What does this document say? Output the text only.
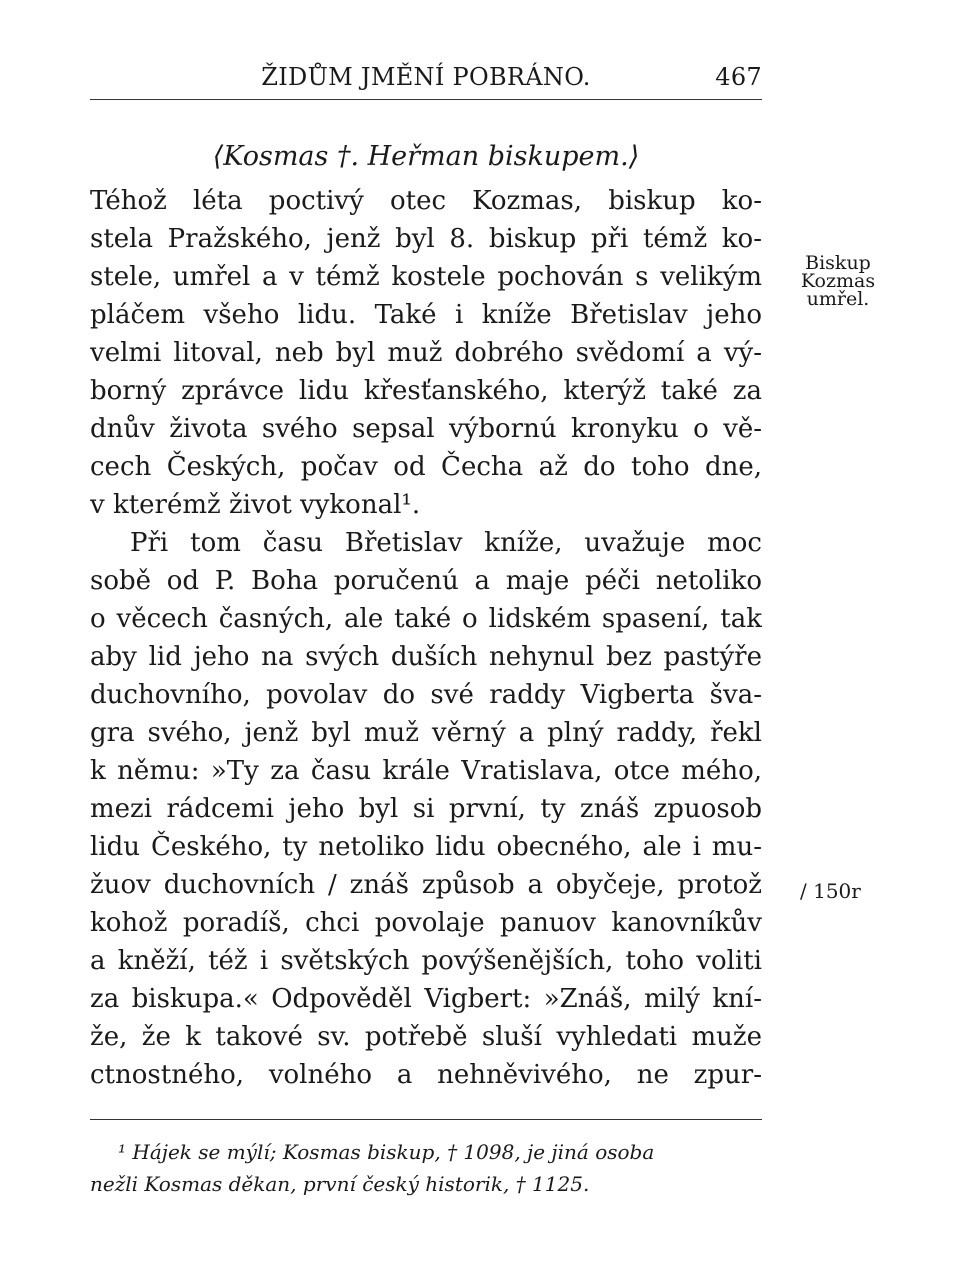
ŽIDŮM JMĚNÍ POBRÁNO.	467
⟨Kosmas †. Heřman biskupem.⟩
Téhož léta poctivý otec Kozmas, biskup ko-
stela Pražského, jenž byl 8. biskup při témž ko-
stele, umřel a v témž kostele pochován s velikým
pláčem všeho lidu. Také i kníže Břetislav jeho
velmi litoval, neb byl muž dobrého svědomí a vý-
borný zprávce lidu křesťanského, kterýž také za
dnův života svého sepsal výbornú kronyku o vě-
cech Českých, počav od Čecha až do toho dne,
v kterémž život vykonal¹.
Při tom času Břetislav kníže, uvažuje moc
sobě od P. Boha poručenú a maje péči netoliko
o věcech časných, ale také o lidském spasení, tak
aby lid jeho na svých duších nehynul bez pastýře
duchovního, povolav do své raddy Vigberta šva-
gra svého, jenž byl muž věrný a plný raddy, řekl
k němu: »Ty za času krále Vratislava, otce mého,
mezi rádcemi jeho byl si první, ty znáš zpuosob
lidu Českého, ty netoliko lidu obecného, ale i mu-
žuov duchovních / znáš způsob a obyčeje, protož
kohož poradíš, chci povolaje panuov kanovníkův
a kněží, též i světských povýšenějších, toho voliti
za biskupa.« Odpověděl Vigbert: »Znáš, milý kní-
že, že k takové sv. potřebě sluší vyhledati muže
ctnostného, volného a nehněvivého, ne zpur-
Biskup
Kozmas
umřel.
/ 150r
¹ Hájek se mýlí; Kosmas biskup, † 1098, je jiná osoba
nežli Kosmas děkan, první český historik, † 1125.
